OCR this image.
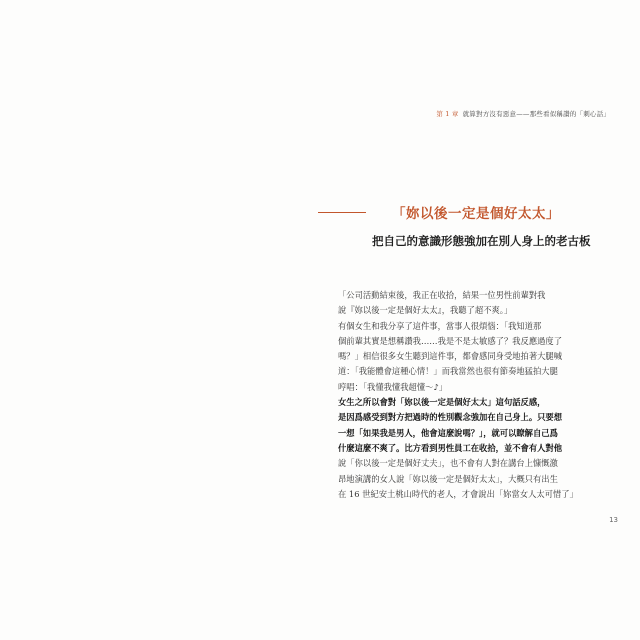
第 1 章 就算對方沒有惡意——那些看似稱讚的「刺心話」
「妳以後一定是個好太太」
把自己的意識形態強加在別人身上的老古板
「公司活動結束後，我正在收拾，結果一位男性前輩對我
說『妳以後一定是個好太太』，我聽了超不爽。」
有個女生和我分享了這件事，當事人很煩惱：「我知道那
個前輩其實是想稱讚我……我是不是太敏感了？我反應過度了
嗎？」相信很多女生聽到這件事，都會感同身受地拍著大腿喊
道：「我能體會這種心情！」而我當然也很有節奏地猛拍大腿
哼唱：「我懂我懂我超懂～♪」
女生之所以會對「妳以後一定是個好太太」這句話反感，
是因爲感受到對方把過時的性別觀念強加在自己身上。只要想
一想「如果我是男人，他會這麼說嗎？」，就可以瞭解自己爲
什麼這麼不爽了。比方看到男性員工在收拾，並不會有人對他
說「你以後一定是個好丈夫」，也不會有人對在講台上慷慨激
昂地演講的女人說「妳以後一定是個好太太」，大概只有出生
在 16 世紀安土桃山時代的老人，才會說出「妳當女人太可惜了」
13
